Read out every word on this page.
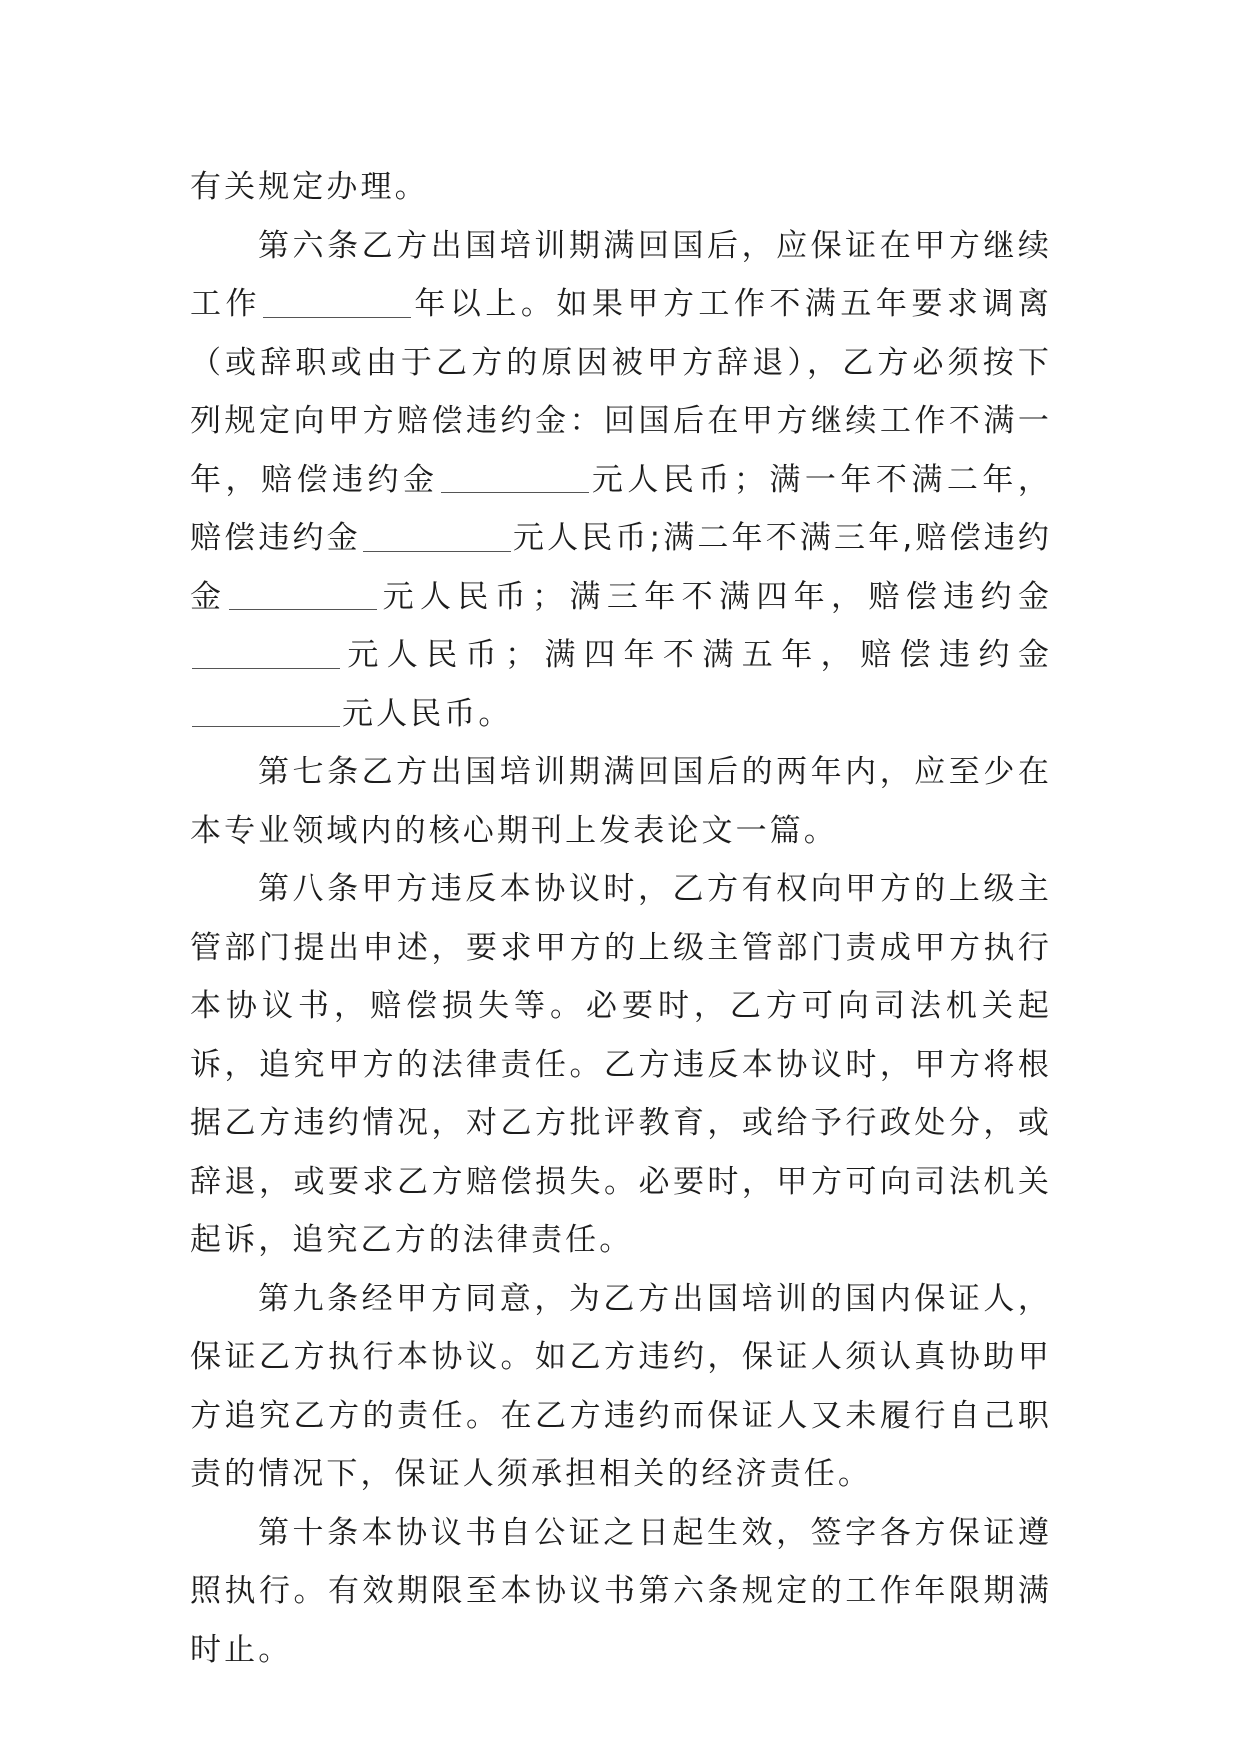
有关规定办理。

第六条乙方出国培训期满回国后，应保证在甲方继续工作	年以上。如果甲方工作不满五年要求调离（或辞职或由于乙方的原因被甲方辞退），乙方必须按下列规定向甲方赔偿违约金：回国后在甲方继续工作不满一年，赔偿违约金	元人民币；满一年不满二年，赔偿违约金	元人民币;满二年不满三年,赔偿违约金	元人民币；满三年不满四年，赔偿违约金元人民币；满四年不满五年，赔偿违约金元人民币。

第七条乙方出国培训期满回国后的两年内，应至少在本专业领域内的核心期刊上发表论文一篇。

第八条甲方违反本协议时，乙方有权向甲方的上级主管部门提出申述，要求甲方的上级主管部门责成甲方执行本协议书，赔偿损失等。必要时，乙方可向司法机关起诉，追究甲方的法律责任。乙方违反本协议时，甲方将根据乙方违约情况，对乙方批评教育，或给予行政处分，或辞退，或要求乙方赔偿损失。必要时，甲方可向司法机关起诉，追究乙方的法律责任。

第九条经甲方同意，为乙方出国培训的国内保证人，保证乙方执行本协议。如乙方违约，保证人须认真协助甲方追究乙方的责任。在乙方违约而保证人又未履行自己职责的情况下，保证人须承担相关的经济责任。

第十条本协议书自公证之日起生效，签字各方保证遵照执行。有效期限至本协议书第六条规定的工作年限期满时止。
